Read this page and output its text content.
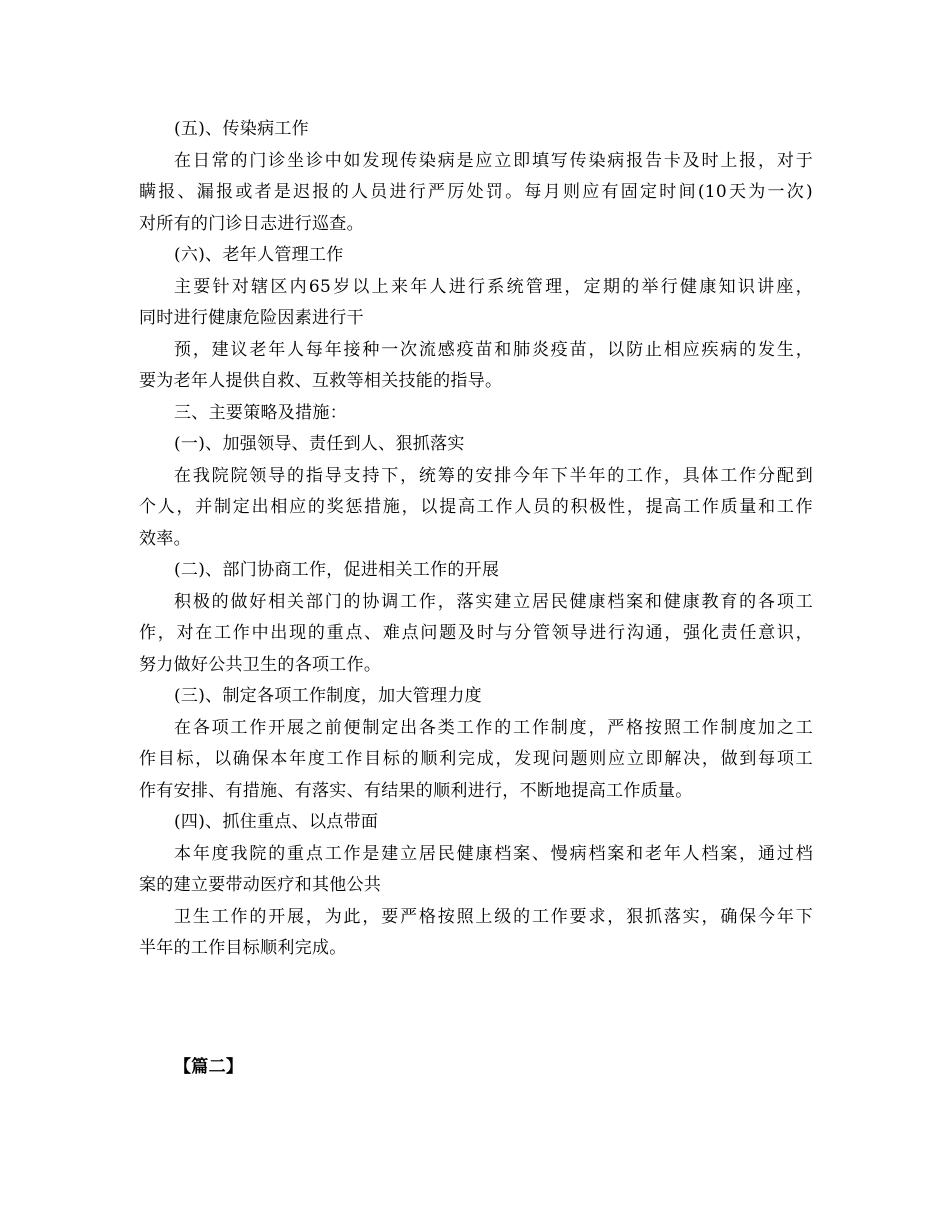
(五)、传染病工作
在日常的门诊坐诊中如发现传染病是应立即填写传染病报告卡及时上报，对于
瞒报、漏报或者是迟报的人员进行严厉处罚。每月则应有固定时间(10天为一次)
对所有的门诊日志进行巡查。
(六)、老年人管理工作
主要针对辖区内65岁以上来年人进行系统管理，定期的举行健康知识讲座，
同时进行健康危险因素进行干
预，建议老年人每年接种一次流感疫苗和肺炎疫苗，以防止相应疾病的发生，
要为老年人提供自救、互救等相关技能的指导。
三、主要策略及措施：
(一)、加强领导、责任到人、狠抓落实
在我院院领导的指导支持下，统筹的安排今年下半年的工作，具体工作分配到
个人，并制定出相应的奖惩措施，以提高工作人员的积极性，提高工作质量和工作
效率。
(二)、部门协商工作，促进相关工作的开展
积极的做好相关部门的协调工作，落实建立居民健康档案和健康教育的各项工
作，对在工作中出现的重点、难点问题及时与分管领导进行沟通，强化责任意识，
努力做好公共卫生的各项工作。
(三)、制定各项工作制度，加大管理力度
在各项工作开展之前便制定出各类工作的工作制度，严格按照工作制度加之工
作目标，以确保本年度工作目标的顺利完成，发现问题则应立即解决，做到每项工
作有安排、有措施、有落实、有结果的顺利进行，不断地提高工作质量。
(四)、抓住重点、以点带面
本年度我院的重点工作是建立居民健康档案、慢病档案和老年人档案，通过档
案的建立要带动医疗和其他公共
卫生工作的开展，为此，要严格按照上级的工作要求，狠抓落实，确保今年下
半年的工作目标顺利完成。
【篇二】
